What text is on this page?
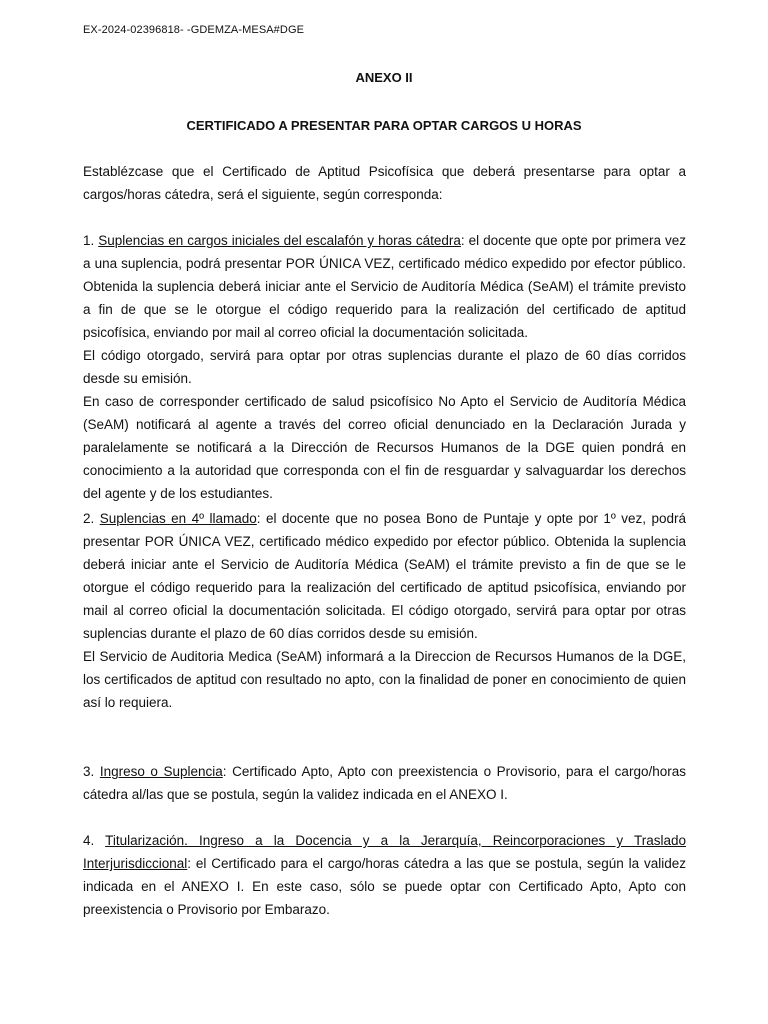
EX-2024-02396818- -GDEMZA-MESA#DGE
ANEXO II
CERTIFICADO A PRESENTAR PARA OPTAR CARGOS U HORAS

Establézcase que el Certificado de Aptitud Psicofísica que deberá presentarse para optar a cargos/horas cátedra, será el siguiente, según corresponda:

1. Suplencias en cargos iniciales del escalafón y horas cátedra: el docente que opte por primera vez a una suplencia, podrá presentar POR ÚNICA VEZ, certificado médico expedido por efector público. Obtenida la suplencia deberá iniciar ante el Servicio de Auditoría Médica (SeAM) el trámite previsto a fin de que se le otorgue el código requerido para la realización del certificado de aptitud psicofísica, enviando por mail al correo oficial la documentación solicitada.

El código otorgado, servirá para optar por otras suplencias durante el plazo de 60 días corridos desde su emisión.

En caso de corresponder certificado de salud psicofísico No Apto el Servicio de Auditoría Médica (SeAM) notificará al agente a través del correo oficial denunciado en la Declaración Jurada y paralelamente se notificará a la Dirección de Recursos Humanos de la DGE quien pondrá en conocimiento a la autoridad que corresponda con el fin de resguardar y salvaguardar los derechos del agente y de los estudiantes.

2. Suplencias en 4º llamado: el docente que no posea Bono de Puntaje y opte por 1º vez, podrá presentar POR ÚNICA VEZ, certificado médico expedido por efector público. Obtenida la suplencia deberá iniciar ante el Servicio de Auditoría Médica (SeAM) el trámite previsto a fin de que se le otorgue el código requerido para la realización del certificado de aptitud psicofísica, enviando por mail al correo oficial la documentación solicitada. El código otorgado, servirá para optar por otras suplencias durante el plazo de 60 días corridos desde su emisión.

El Servicio de Auditoria Medica (SeAM) informará a la Direccion de Recursos Humanos de la DGE, los certificados de aptitud con resultado no apto, con la finalidad de poner en conocimiento de quien así lo requiera.

3. Ingreso o Suplencia: Certificado Apto, Apto con preexistencia o Provisorio, para el cargo/horas cátedra al/las que se postula, según la validez indicada en el ANEXO I.

4. Titularización. Ingreso a la Docencia y a la Jerarquía, Reincorporaciones y Traslado Interjurisdiccional: el Certificado para el cargo/horas cátedra a las que se postula, según la validez indicada en el ANEXO I. En este caso, sólo se puede optar con Certificado Apto, Apto con preexistencia o Provisorio por Embarazo.
